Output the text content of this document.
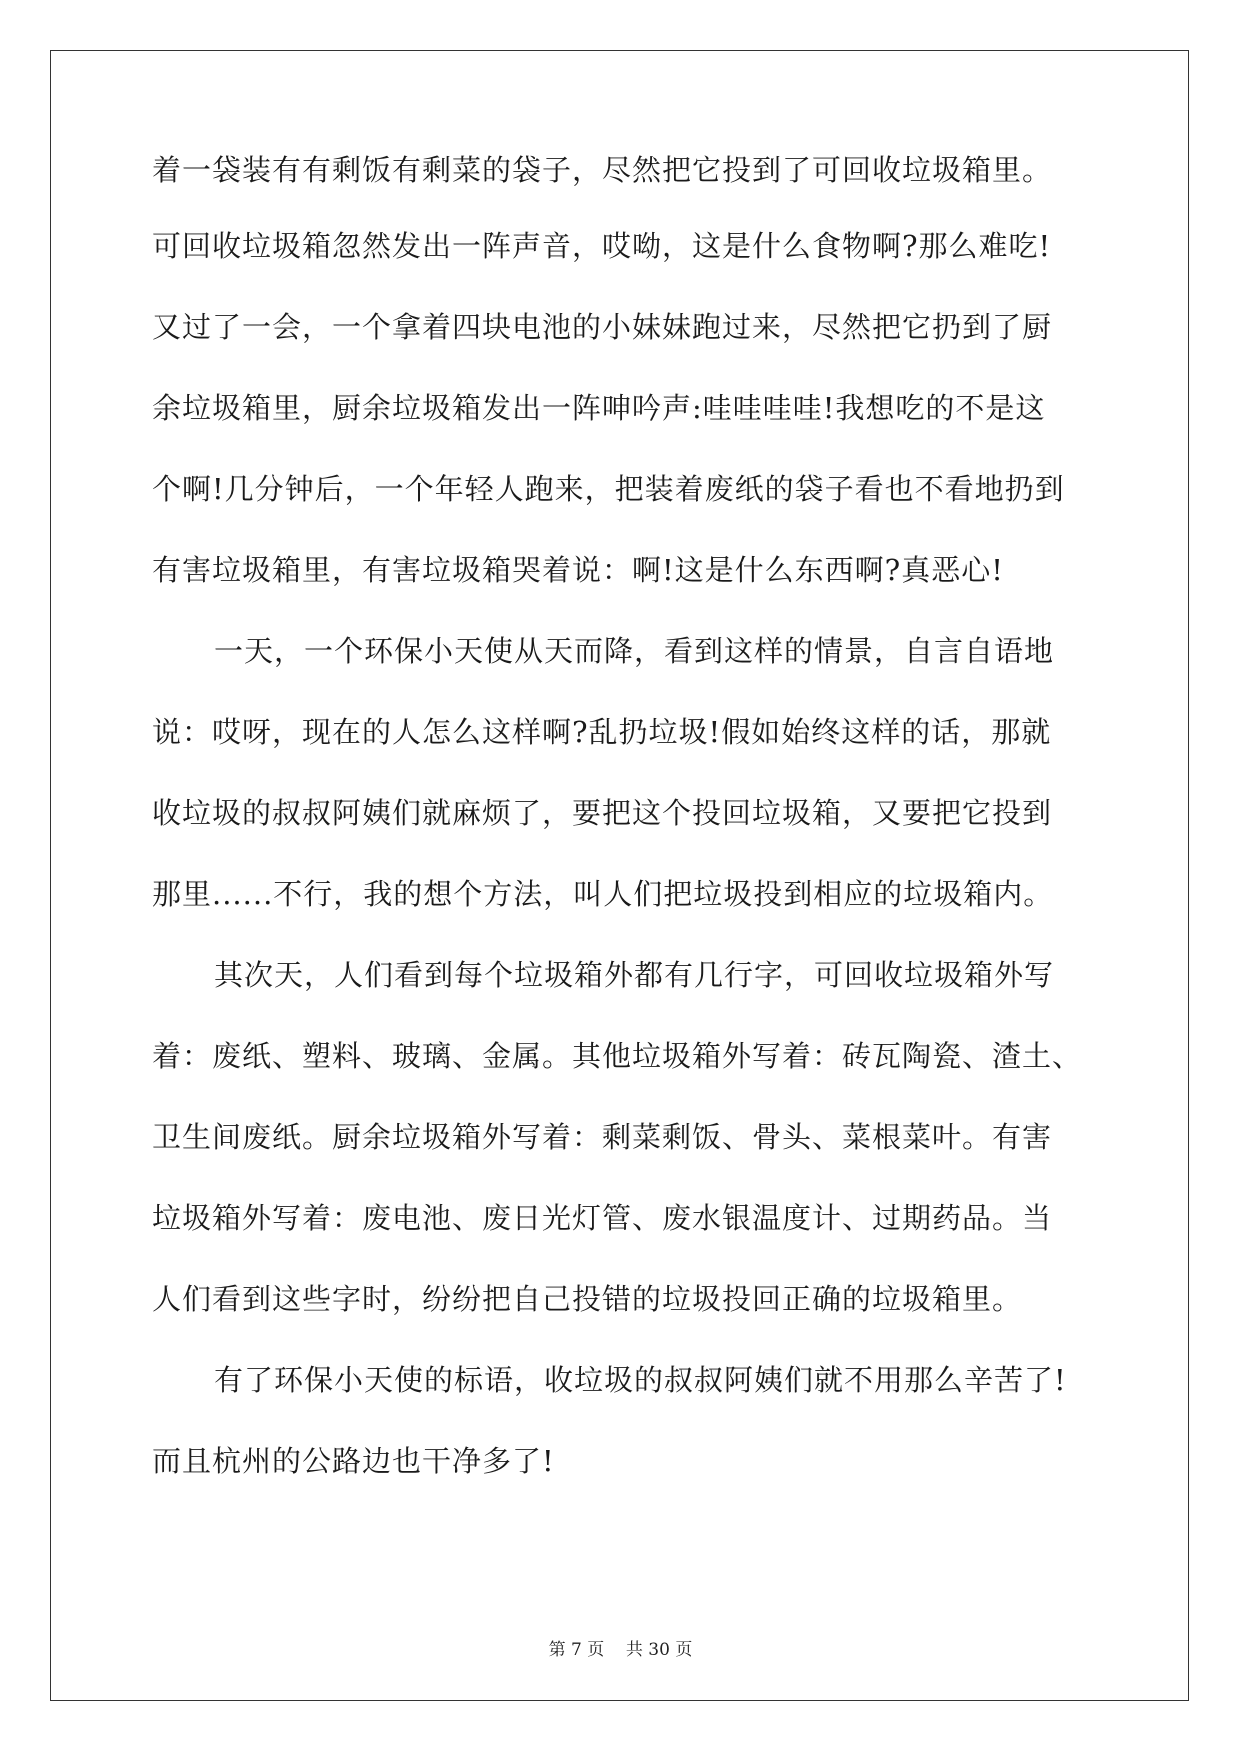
着一袋装有有剩饭有剩菜的袋子，尽然把它投到了可回收垃圾箱里。
可回收垃圾箱忽然发出一阵声音，哎呦，这是什么食物啊?那么难吃!
又过了一会，一个拿着四块电池的小妹妹跑过来，尽然把它扔到了厨
余垃圾箱里，厨余垃圾箱发出一阵呻吟声:哇哇哇哇!我想吃的不是这
个啊!几分钟后，一个年轻人跑来，把装着废纸的袋子看也不看地扔到
有害垃圾箱里，有害垃圾箱哭着说：啊!这是什么东西啊?真恶心!
一天，一个环保小天使从天而降，看到这样的情景，自言自语地
说：哎呀，现在的人怎么这样啊?乱扔垃圾!假如始终这样的话，那就
收垃圾的叔叔阿姨们就麻烦了，要把这个投回垃圾箱，又要把它投到
那里......不行，我的想个方法，叫人们把垃圾投到相应的垃圾箱内。
其次天，人们看到每个垃圾箱外都有几行字，可回收垃圾箱外写
着：废纸、塑料、玻璃、金属。其他垃圾箱外写着：砖瓦陶瓷、渣土、
卫生间废纸。厨余垃圾箱外写着：剩菜剩饭、骨头、菜根菜叶。有害
垃圾箱外写着：废电池、废日光灯管、废水银温度计、过期药品。当
人们看到这些字时，纷纷把自己投错的垃圾投回正确的垃圾箱里。
有了环保小天使的标语，收垃圾的叔叔阿姨们就不用那么辛苦了!
而且杭州的公路边也干净多了!
第 7 页    共 30 页
